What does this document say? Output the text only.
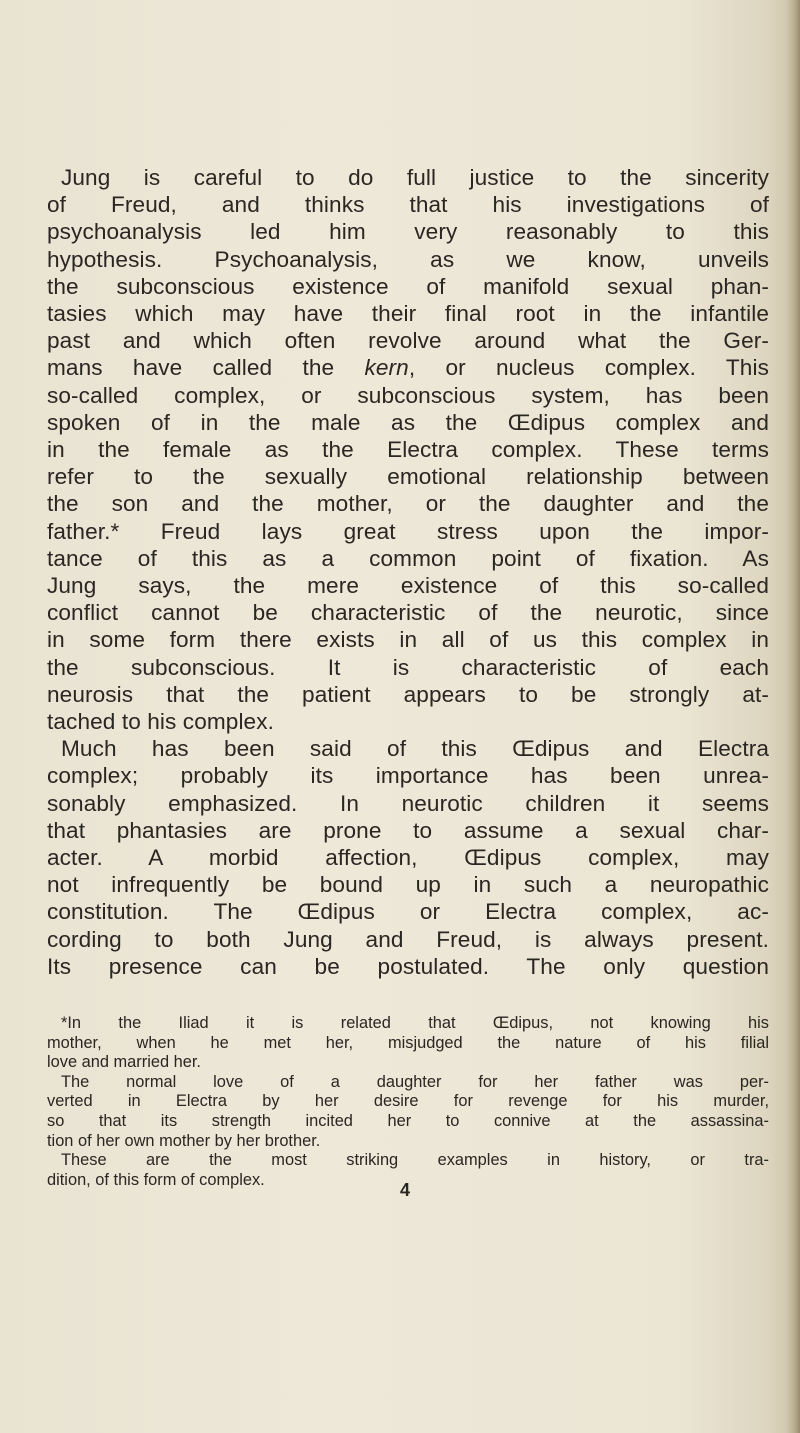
Jung is careful to do full justice to the sincerity
of Freud, and thinks that his investigations of
psychoanalysis led him very reasonably to this
hypothesis. Psychoanalysis, as we know, unveils
the subconscious existence of manifold sexual phan-
tasies which may have their final root in the infantile
past and which often revolve around what the Ger-
mans have called the kern, or nucleus complex. This
so-called complex, or subconscious system, has been
spoken of in the male as the Œdipus complex and
in the female as the Electra complex. These terms
refer to the sexually emotional relationship between
the son and the mother, or the daughter and the
father.* Freud lays great stress upon the impor-
tance of this as a common point of fixation. As
Jung says, the mere existence of this so-called
conflict cannot be characteristic of the neurotic, since
in some form there exists in all of us this complex in
the subconscious. It is characteristic of each
neurosis that the patient appears to be strongly at-
tached to his complex.
Much has been said of this Œdipus and Electra
complex; probably its importance has been unrea-
sonably emphasized. In neurotic children it seems
that phantasies are prone to assume a sexual char-
acter. A morbid affection, Œdipus complex, may
not infrequently be bound up in such a neuropathic
constitution. The Œdipus or Electra complex, ac-
cording to both Jung and Freud, is always present.
Its presence can be postulated. The only question
*In the Iliad it is related that Œdipus, not knowing his
mother, when he met her, misjudged the nature of his filial
love and married her.
The normal love of a daughter for her father was per-
verted in Electra by her desire for revenge for his murder,
so that its strength incited her to connive at the assassina-
tion of her own mother by her brother.
These are the most striking examples in history, or tra-
dition, of this form of complex.
4
